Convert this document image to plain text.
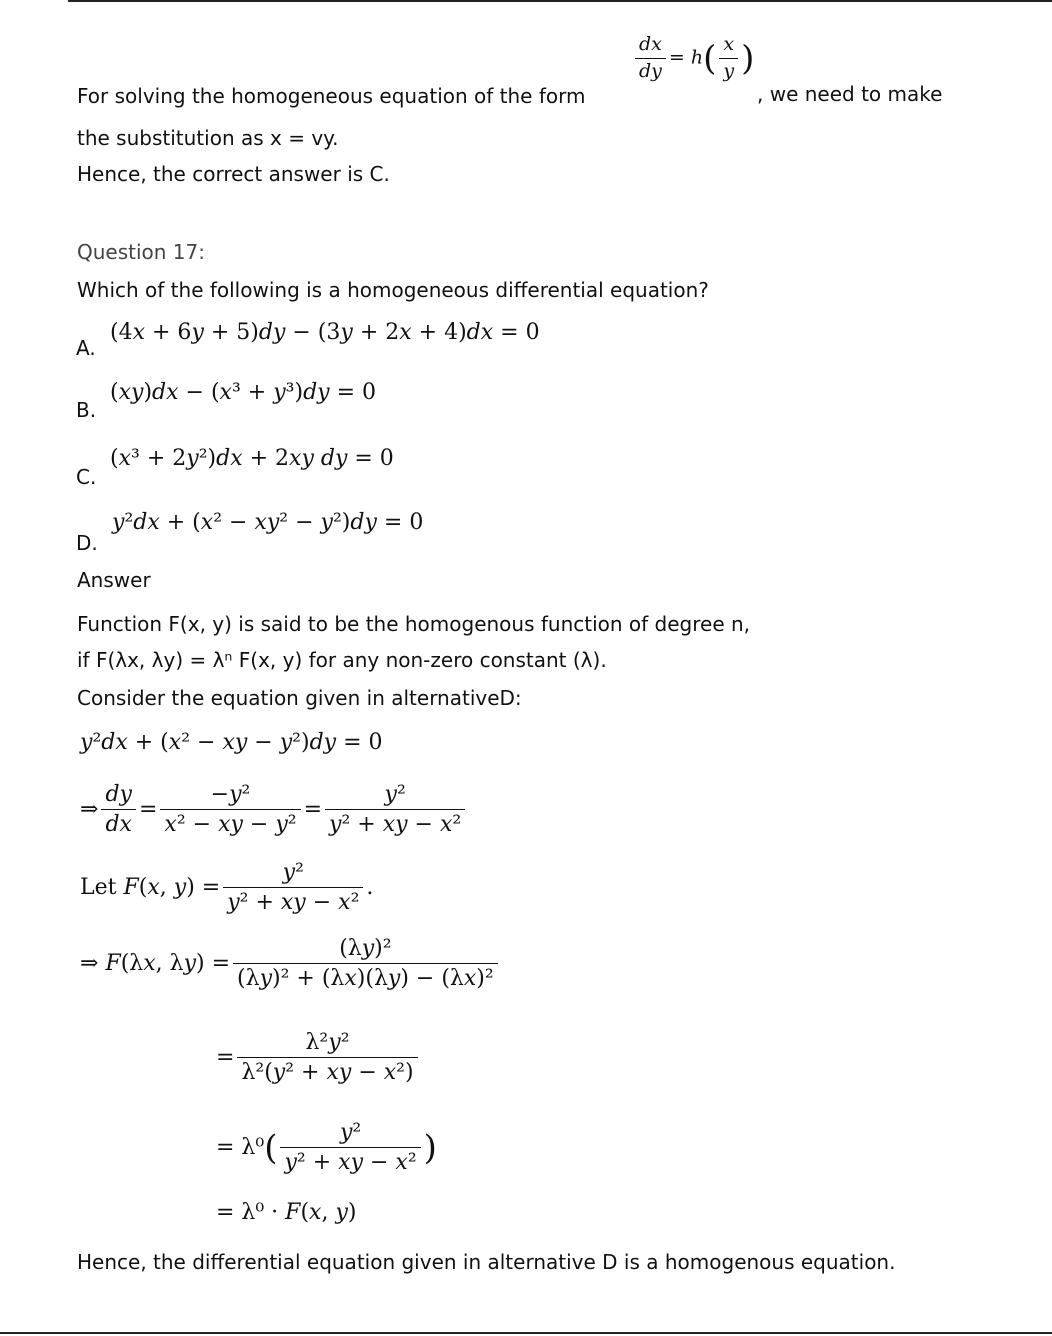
For solving the homogeneous equation of the form
$\frac{dx}{dy} = h( \frac{x}{y}$ )
, we need to make
the substitution as x = vy.
Hence, the correct answer is C.
Question 17:
Which of the following is a homogeneous differential equation?
A.
(4x + 6y + 5)dy − (3y + 2x + 4)dx = 0
B.
(xy)dx − (x³ + y³)dy = 0
C.
(x³ + 2y²)dx + 2xy dy = 0
D.
y²dx + (x² − xy² − y²)dy = 0
Answer
Function F(x, y) is said to be the homogenous function of degree n,
if F(λx, λy) = λⁿ F(x, y) for any non-zero constant (λ).
Consider the equation given in alternativeD:
y²dx + (x² − xy − y²)dy = 0
⇒ $\frac{dy}{dx} = \frac{\text{−y²}}{\text{x² − xy − y²}} = \frac{\text{y²}}{\text{y² + xy − x²}}$
Let F(x, $y) = \frac{\text{y²}}{\text{y² + xy − x²}}$ .
⇒ F(λx, $\lambda y) = \frac{\text{(λy)²}}{\text{(λy)² + (λx)(λy) − (λx)²}}$
= $\frac{\text{λ²y²}}{\text{λ²(y² + xy − x²)}}$
= $\lambda^0( \frac{\text{y²}}{\text{y² + xy − x²}}$ )
= λ⁰ · F(x, y)
Hence, the differential equation given in alternative D is a homogenous equation.
